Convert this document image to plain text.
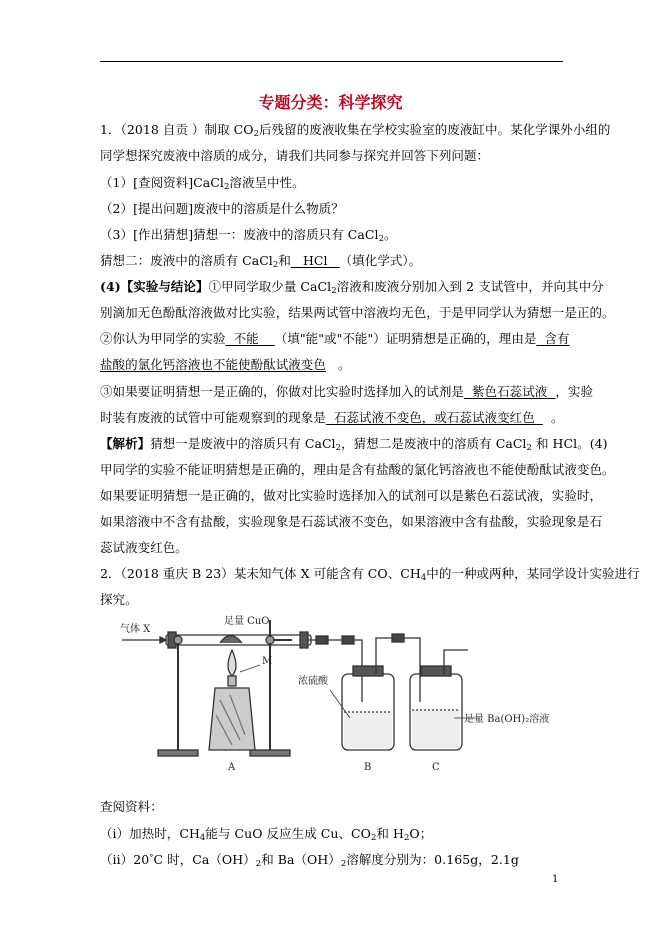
专题分类：科学探究
1．（2018 自贡 ）制取 $CO_2$后残留的废液收集在学校实验室的废液缸中。某化学课外小组的
同学想探究废液中溶质的成分，请我们共同参与探究并回答下列问题：
（1）[查阅资料]CaCl$_2$溶液呈中性。
（2）[提出问题]废液中的溶质是什么物质？
（3）[作出猜想]猜想一：废液中的溶质只有 CaCl$_2$。
猜想二：废液中的溶质有 CaCl$_2$和 HCl （填化学式）。
(4)【实验与结论】①甲同学取少量 CaCl$_2$溶液和废液分别加入到 2 支试管中，并向其中分
别滴加无色酚酞溶液做对比实验，结果两试管中溶液均无色，于是甲同学认为猜想一是正的。
②你认为甲同学的实验 不能 （填"能"或"不能"）证明猜想是正确的，理由是 含有
盐酸的氯化钙溶液也不能使酚酞试液变色 。
③如果要证明猜想一是正确的，你做对比实验时选择加入的试剂是 紫色石蕊试液 ，实验
时装有废液的试管中可能观察到的现象是 石蕊试液不变色，或石蕊试液变红色 。
【解析】猜想一是废液中的溶质只有 CaCl$_2$，猜想二是废液中的溶质有 CaCl$_2$ 和 HCl。(4)
甲同学的实验不能证明猜想是正确的，理由是含有盐酸的氯化钙溶液也不能使酚酞试液变色。
如果要证明猜想一是正确的，做对比实验时选择加入的试剂可以是紫色石蕊试液，实验时，
如果溶液中不含有盐酸，实验现象是石蕊试液不变色，如果溶液中含有盐酸，实验现象是石
蕊试液变红色。
2．（2018 重庆 B 23）某未知气体 X 可能含有 CO、$CH_4$中的一种或两种，某同学设计实验进行
探究。
气体 X
足量 CuO
M
浓硫酸
足量 Ba(OH)₂溶液
A	B	C
查阅资料：
（ⅰ）加热时，$CH_4$能与 CuO 反应生成 Cu、$CO_2$和 $H_2O$；
（ii）20°C 时，$Ca(OH)_2$和 $Ba(OH)_2$溶解度分别为：0.165g，2.1g
1
